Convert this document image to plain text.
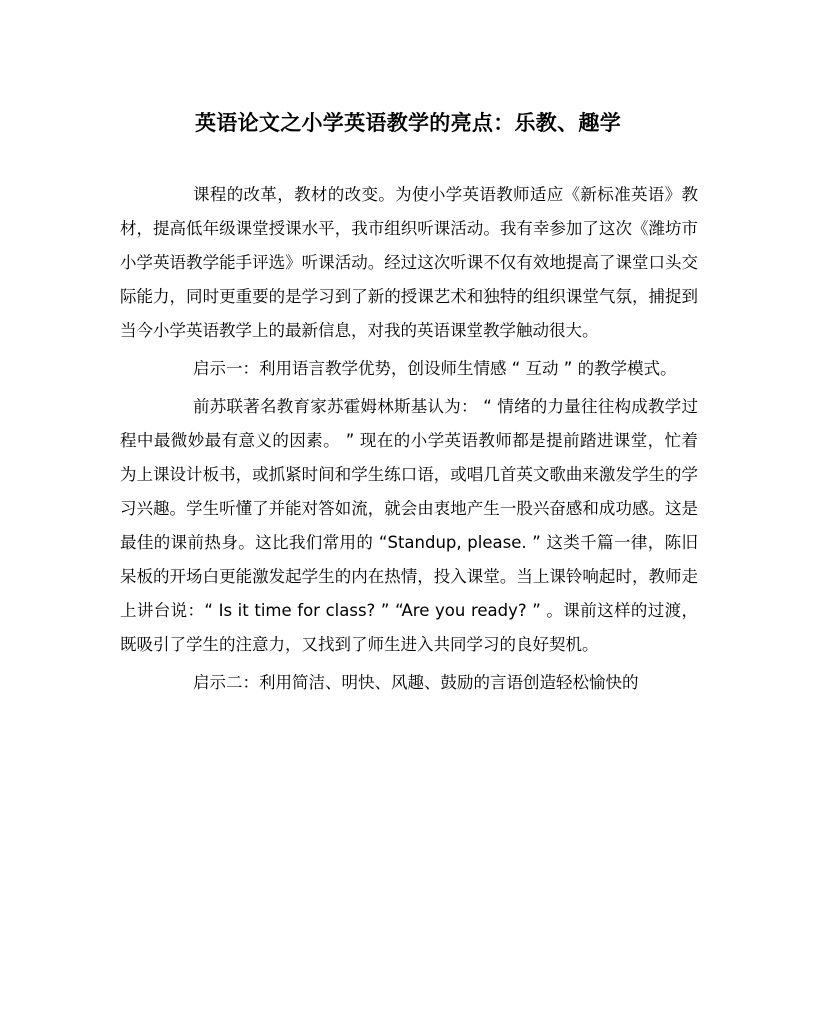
英语论文之小学英语教学的亮点：乐教、趣学

课程的改革，教材的改变。为使小学英语教师适应《新标准英语》教材，提高低年级课堂授课水平，我市组织听课活动。我有幸参加了这次《潍坊市小学英语教学能手评选》听课活动。经过这次听课不仅有效地提高了课堂口头交际能力，同时更重要的是学习到了新的授课艺术和独特的组织课堂气氛，捕捉到当今小学英语教学上的最新信息，对我的英语课堂教学触动很大。

启示一：利用语言教学优势，创设师生情感 “ 互动 ” 的教学模式。

前苏联著名教育家苏霍姆林斯基认为： “ 情绪的力量往往构成教学过程中最微妙最有意义的因素。 ” 现在的小学英语教师都是提前踏进课堂，忙着为上课设计板书，或抓紧时间和学生练口语，或唱几首英文歌曲来激发学生的学习兴趣。学生听懂了并能对答如流，就会由衷地产生一股兴奋感和成功感。这是最佳的课前热身。这比我们常用的 “Standup, please. ” 这类千篇一律，陈旧呆板的开场白更能激发起学生的内在热情，投入课堂。当上课铃响起时，教师走上讲台说：“ Is it time for class? ” “Are you ready? ” 。课前这样的过渡，既吸引了学生的注意力，又找到了师生进入共同学习的良好契机。

启示二：利用简洁、明快、风趣、鼓励的言语创造轻松愉快的
